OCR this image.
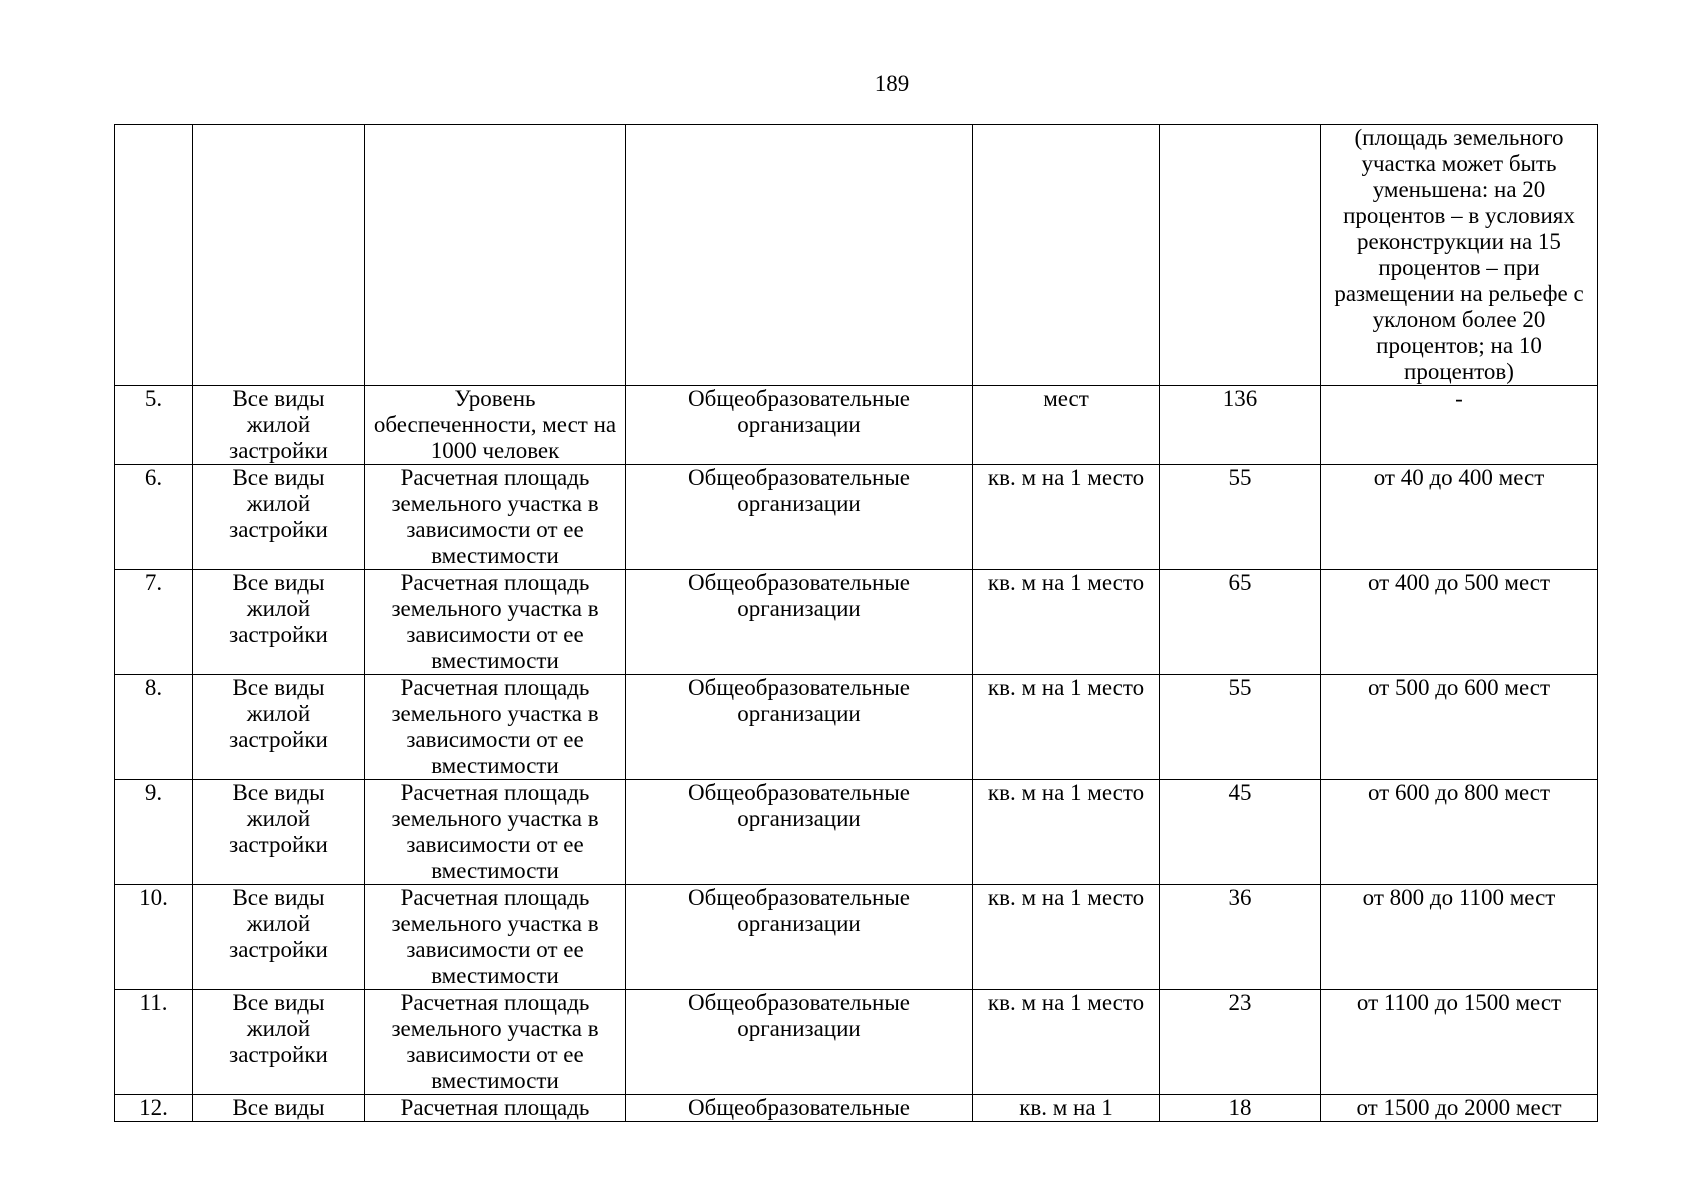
189
						(площадь земельного участка может быть уменьшена: на 20 процентов – в условиях реконструкции на 15 процентов – при размещении на рельефе с уклоном более 20 процентов; на 10 процентов)
5.	Все виды жилой застройки	Уровень обеспеченности, мест на 1000 человек	Общеобразовательные организации	мест	136	-
6.	Все виды жилой застройки	Расчетная площадь земельного участка в зависимости от ее вместимости	Общеобразовательные организации	кв. м на 1 место	55	от 40 до 400 мест
7.	Все виды жилой застройки	Расчетная площадь земельного участка в зависимости от ее вместимости	Общеобразовательные организации	кв. м на 1 место	65	от 400 до 500 мест
8.	Все виды жилой застройки	Расчетная площадь земельного участка в зависимости от ее вместимости	Общеобразовательные организации	кв. м на 1 место	55	от 500 до 600 мест
9.	Все виды жилой застройки	Расчетная площадь земельного участка в зависимости от ее вместимости	Общеобразовательные организации	кв. м на 1 место	45	от 600 до 800 мест
10.	Все виды жилой застройки	Расчетная площадь земельного участка в зависимости от ее вместимости	Общеобразовательные организации	кв. м на 1 место	36	от 800 до 1100 мест
11.	Все виды жилой застройки	Расчетная площадь земельного участка в зависимости от ее вместимости	Общеобразовательные организации	кв. м на 1 место	23	от 1100 до 1500 мест
12.	Все виды	Расчетная площадь	Общеобразовательные	кв. м на 1	18	от 1500 до 2000 мест
